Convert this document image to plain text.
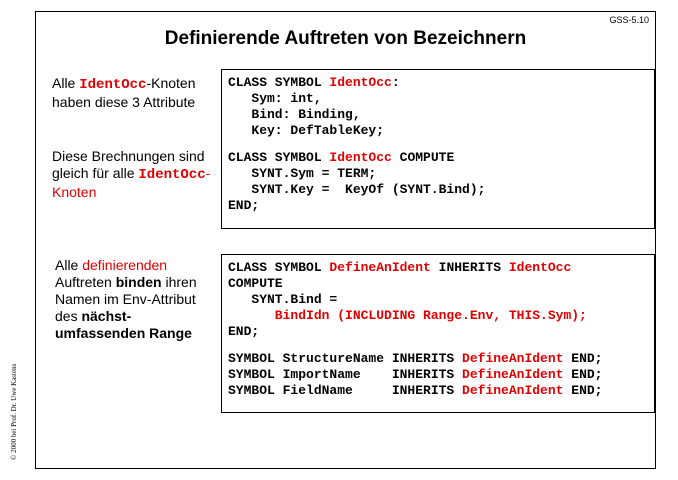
GSS-5.10
Definierende Auftreten von Bezeichnern
Alle IdentOcc-Knoten haben diese 3 Attribute
Diese Brechnungen sind gleich für alle IdentOcc-Knoten
Alle definierenden Auftreten binden ihren Namen im Env-Attribut des nächst-umfassenden Range
CLASS SYMBOL IdentOcc:
Sym: int,
Bind: Binding,
Key: DefTableKey;
CLASS SYMBOL IdentOcc COMPUTE
SYNT.Sym = TERM;
SYNT.Key =  KeyOf (SYNT.Bind);
END;
CLASS SYMBOL DefineAnIdent INHERITS IdentOcc
COMPUTE
SYNT.Bind =
BindIdn (INCLUDING Range.Env, THIS.Sym);
END;
SYMBOL StructureName INHERITS DefineAnIdent END;
SYMBOL ImportName    INHERITS DefineAnIdent END;
SYMBOL FieldName     INHERITS DefineAnIdent END;
© 2000 bei Prof. Dr. Uwe Kastens
